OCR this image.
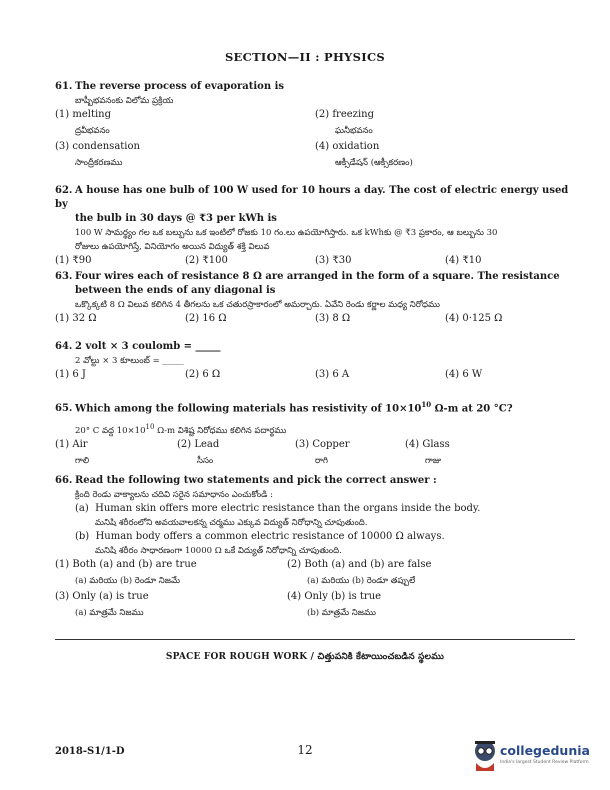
SECTION—II : PHYSICS
61. The reverse process of evaporation is
బాష్పీభవనంకు విలోమ ప్రక్రియ
(1) melting	(2) freezing
ద్రవీభవనం	ఘనీభవనం
(3) condensation	(4) oxidation
సాంద్రీకరణము	ఆక్సీడేషన్ (ఆక్సీకరణం)
62. A house has one bulb of 100 W used for 10 hours a day. The cost of electric energy used by
the bulb in 30 days @ ₹3 per kWh is
100 W సామర్థ్యం గల ఒక బల్బును ఒక ఇంటిలో రోజకు 10 గం.లు ఉపయోగిస్తారు. ఒక kWhకు @ ₹3 ప్రకారం, ఆ బల్బును 30
రోజులు ఉపయోగిస్తే, వినియోగం అయిన విద్యుత్ శక్తి విలువ
(1) ₹90	(2) ₹100	(3) ₹30	(4) ₹10
63. Four wires each of resistance 8 Ω are arranged in the form of a square. The resistance
between the ends of any diagonal is
ఒక్కొక్కటి 8 Ω విలువ కలిగిన 4 తీగలను ఒక చతురస్రాకారంలో అమర్చారు. ఏవేని రెండు కర్ణాల మధ్య నిరోధము
(1) 32 Ω	(2) 16 Ω	(3) 8 Ω	(4) 0·125 Ω
64. 2 volt × 3 coulomb = _____
2 వోల్టు × 3 కూలుంబ్ = _____
(1) 6 J	(2) 6 Ω	(3) 6 A	(4) 6 W
65. Which among the following materials has resistivity of $10\times 10^{10}$ Ω-m at 20 °C?
20° C వద్ద $10\times 10^{10}$ Ω-m విశిష్ట నిరోధము కలిగిన పదార్థము
(1) Air	(2) Lead	(3) Copper	(4) Glass
గాలి	సీసం	రాగి	గాజు
66. Read the following two statements and pick the correct answer :
క్రింది రెండు వాక్యాలను చదివి సరైన సమాధానం ఎంచుకోండి :
(a) Human skin offers more electric resistance than the organs inside the body.
మనిషి శరీరంలోని అవయవాలకన్న చర్మము ఎక్కువ విద్యుత్ నిరోధాన్ని చూపుతుంది.
(b) Human body offers a common electric resistance of 10000 Ω always.
మనిషి శరీరం సాధారణంగా 10000 Ω ఒకే విద్యుత్ నిరోధాన్ని చూపుతుంది.
(1) Both (a) and (b) are true	(2) Both (a) and (b) are false
(a) మరియు (b) రెండూ నిజమే	(a) మరియు (b) రెండూ తప్పులే
(3) Only (a) is true	(4) Only (b) is true
(a) మాత్రమే నిజము	(b) మాత్రమే నిజము
SPACE FOR ROUGH WORK / చిత్తుపనికి కేటాయించబడిన స్థలము
2018-S1/1-D	12	collegedunia
India's largest Student Review Platform
